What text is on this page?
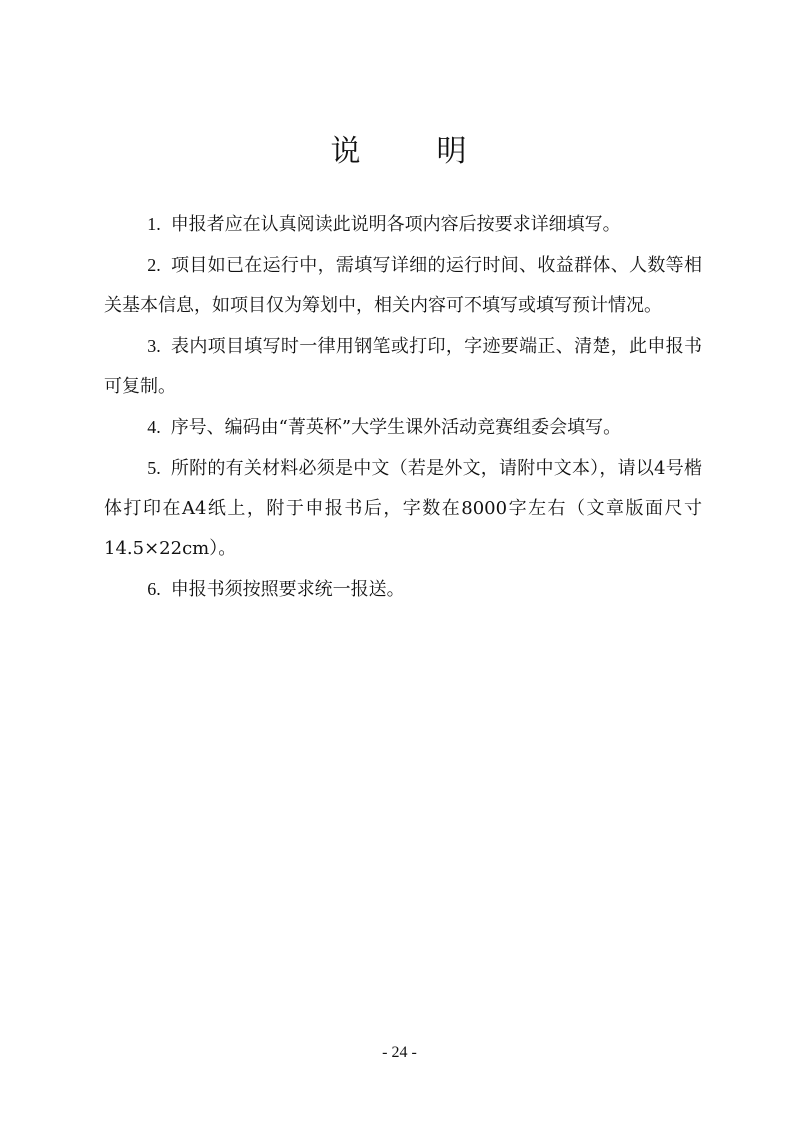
说 明

1. 申报者应在认真阅读此说明各项内容后按要求详细填写。

2. 项目如已在运行中，需填写详细的运行时间、收益群体、人数等相关基本信息，如项目仅为筹划中，相关内容可不填写或填写预计情况。

3. 表内项目填写时一律用钢笔或打印，字迹要端正、清楚，此申报书可复制。

4. 序号、编码由“菁英杯”大学生课外活动竞赛组委会填写。

5. 所附的有关材料必须是中文（若是外文，请附中文本），请以4号楷体打印在A4纸上，附于申报书后，字数在8000字左右（文章版面尺寸14.5×22cm）。

6. 申报书须按照要求统一报送。

- 24 -
